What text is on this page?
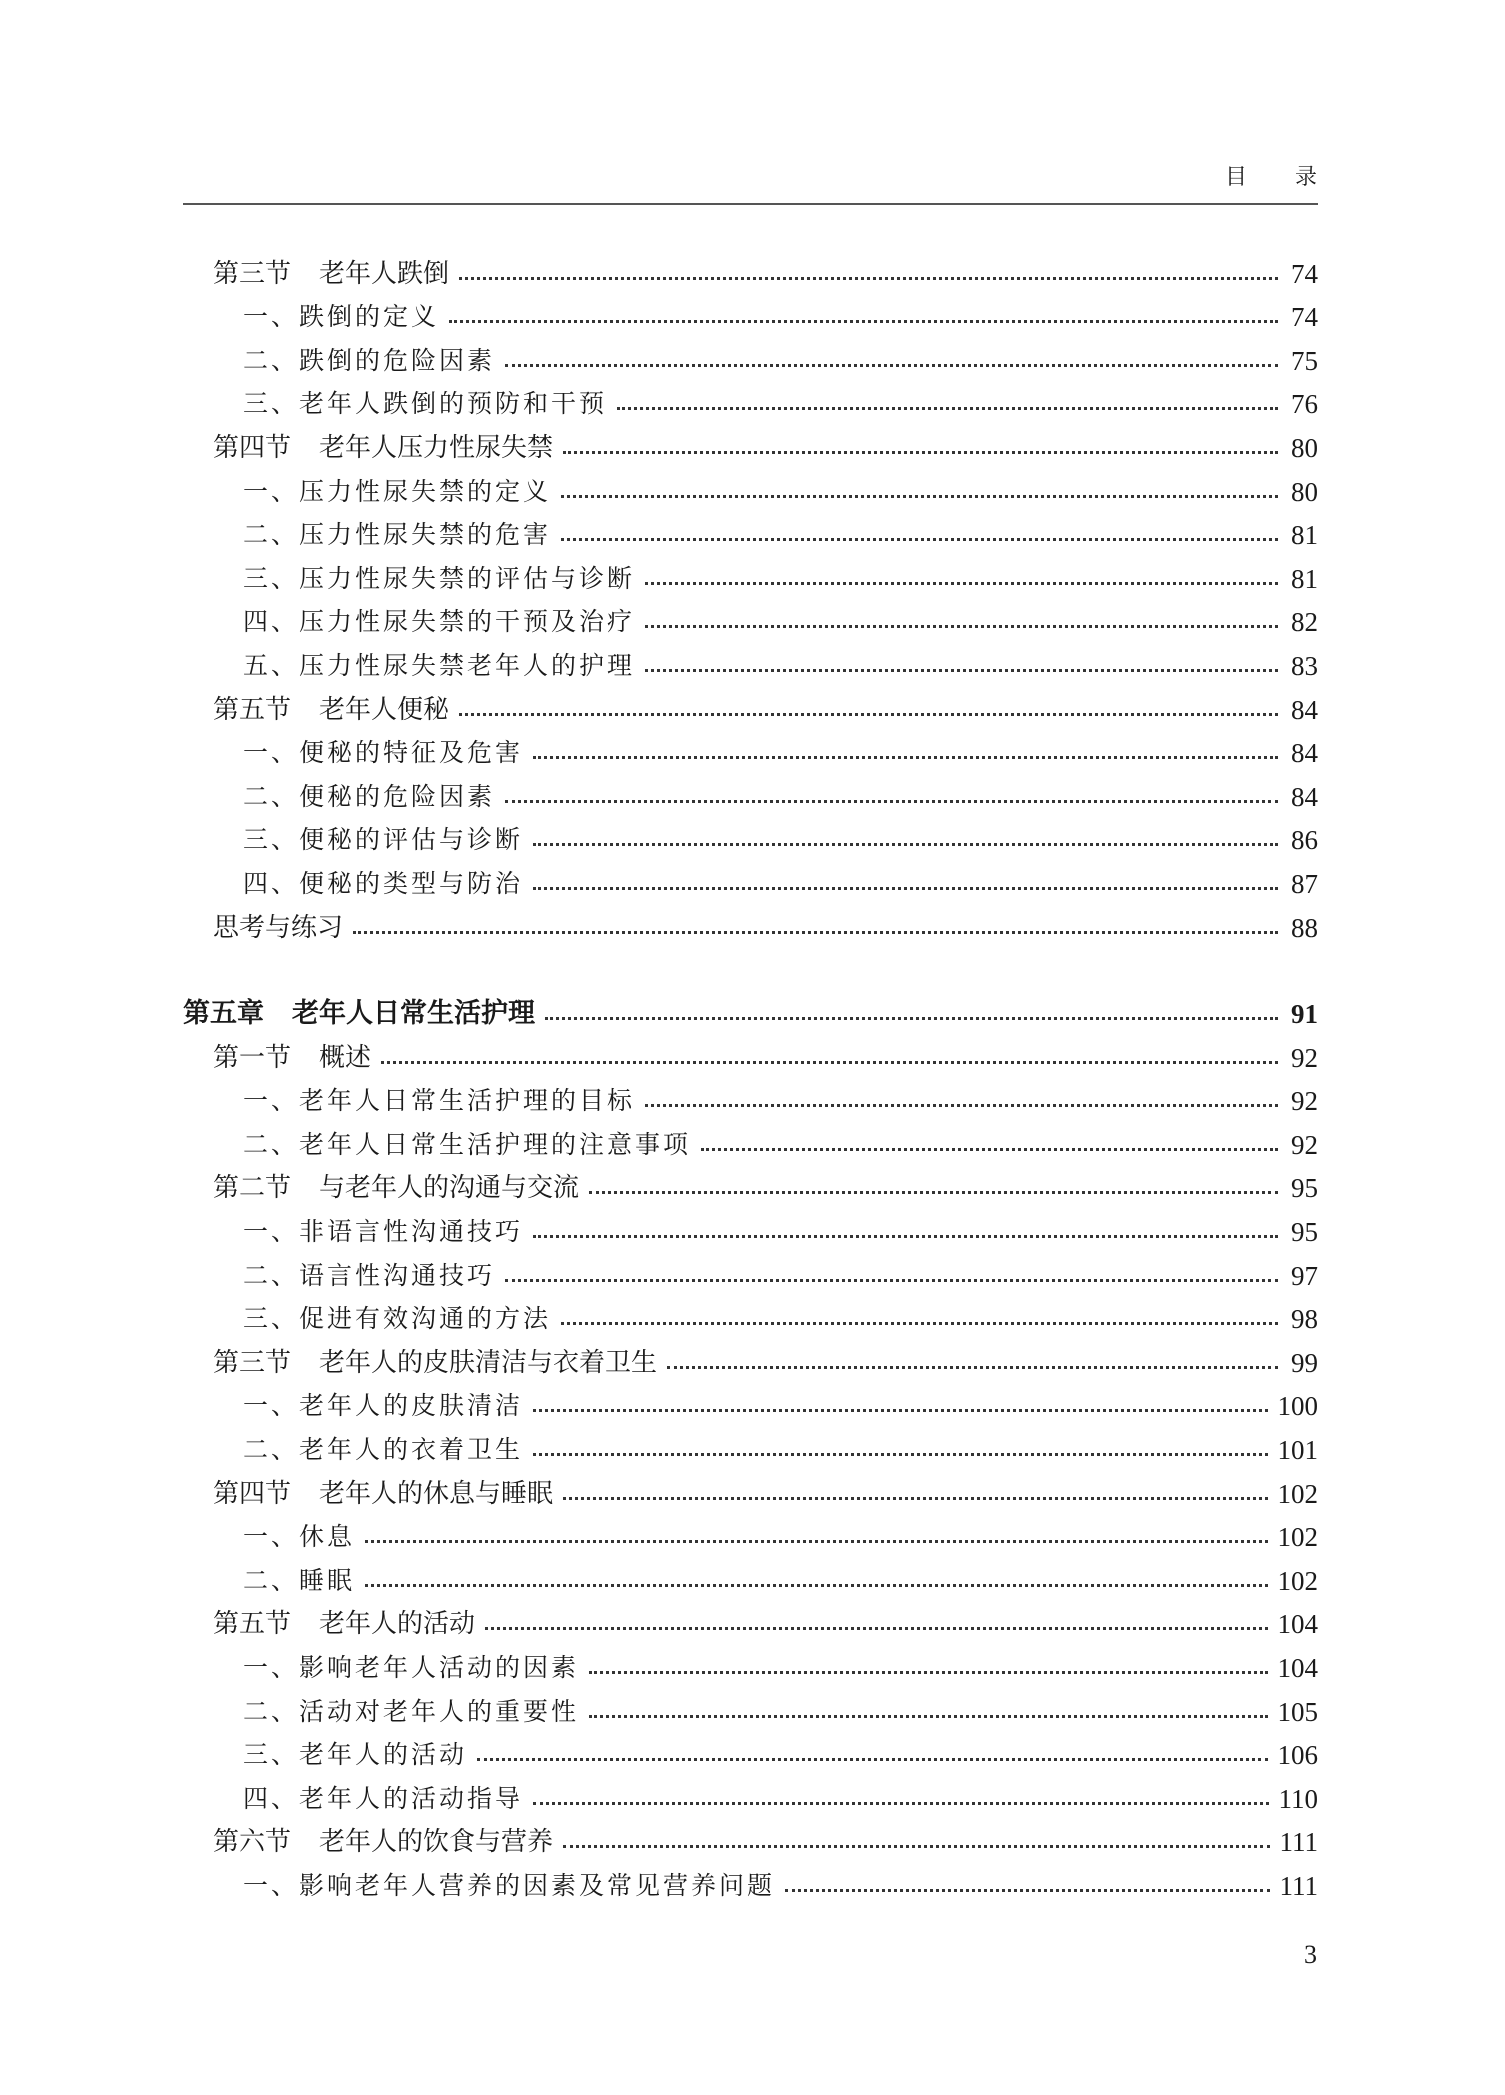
目 录
第三节 老年人跌倒	74
一、跌倒的定义	74
二、跌倒的危险因素	75
三、老年人跌倒的预防和干预	76
第四节 老年人压力性尿失禁	80
一、压力性尿失禁的定义	80
二、压力性尿失禁的危害	81
三、压力性尿失禁的评估与诊断	81
四、压力性尿失禁的干预及治疗	82
五、压力性尿失禁老年人的护理	83
第五节 老年人便秘	84
一、便秘的特征及危害	84
二、便秘的危险因素	84
三、便秘的评估与诊断	86
四、便秘的类型与防治	87
思考与练习	88
第五章 老年人日常生活护理	91
第一节 概述	92
一、老年人日常生活护理的目标	92
二、老年人日常生活护理的注意事项	92
第二节 与老年人的沟通与交流	95
一、非语言性沟通技巧	95
二、语言性沟通技巧	97
三、促进有效沟通的方法	98
第三节 老年人的皮肤清洁与衣着卫生	99
一、老年人的皮肤清洁	100
二、老年人的衣着卫生	101
第四节 老年人的休息与睡眠	102
一、休息	102
二、睡眠	102
第五节 老年人的活动	104
一、影响老年人活动的因素	104
二、活动对老年人的重要性	105
三、老年人的活动	106
四、老年人的活动指导	110
第六节 老年人的饮食与营养	111
一、影响老年人营养的因素及常见营养问题	111
3
